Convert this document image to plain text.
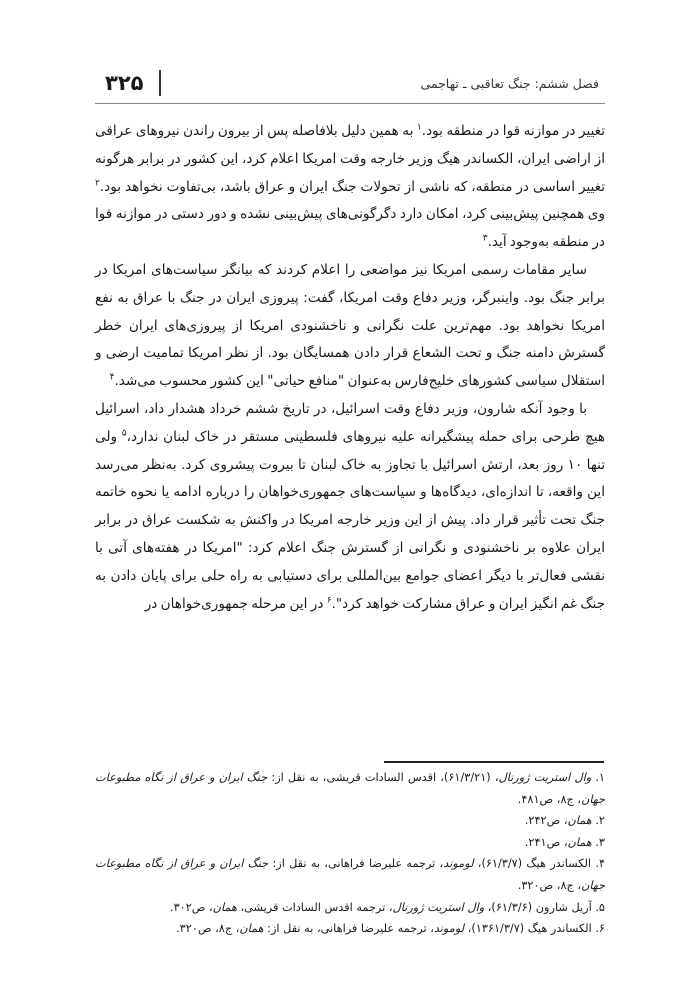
فصل ششم: جنگ تعاقبی ـ تهاجمی
۳۲۵

تغییر در موازنه قوا در منطقه بود.$^۱$ به همین دلیل بلافاصله پس از بیرون راندن نیروهای عراقی از اراضی ایران، الکساندر هیگ وزیر خارجه وقت امریکا اعلام کرد، این کشور در برابر هرگونه تغییر اساسی در منطقه، که ناشی از تحولات جنگ ایران و عراق باشد، بی‌تفاوت نخواهد بود.$^۲$ وی همچنین پیش‌بینی کرد، امکان دارد دگرگونی‌های پیش‌بینی نشده و دور دستی در موازنه قوا در منطقه به‌وجود آید.$^۳$

سایر مقامات رسمی امریکا نیز مواضعی را اعلام کردند که بیانگر سیاست‌های امریکا در برابر جنگ بود. واینبرگر، وزیر دفاع وقت امریکا، گفت: پیروزی ایران در جنگ با عراق به نفع امریکا نخواهد بود. مهم‌ترین علت نگرانی و ناخشنودی امریکا از پیروزی‌های ایران خطر گسترش دامنه جنگ و تحت الشعاع قرار دادن همسایگان بود. از نظر امریکا تمامیت ارضی و استقلال سیاسی کشورهای خلیج‌فارس به‌عنوان "منافع حیاتی" این کشور محسوب می‌شد.$^۴$

با وجود آنکه شارون، وزیر دفاع وقت اسرائیل، در تاریخ ششم خرداد هشدار داد، اسرائیل هیچ طرحی برای حمله پیشگیرانه علیه نیروهای فلسطینی مستقر در خاک لبنان ندارد،$^۵$ ولی تنها ۱۰ روز بعد، ارتش اسرائیل با تجاوز به خاک لبنان تا بیروت پیشروی کرد. به‌نظر می‌رسد این واقعه، تا اندازه‌ای، دیدگاه‌ها و سیاست‌های جمهوری‌خواهان را درباره ادامه یا نحوه خاتمه جنگ تحت تأثیر قرار داد. پیش از این وزیر خارجه امریکا در واکنش به شکست عراق در برابر ایران علاوه بر ناخشنودی و نگرانی از گسترش جنگ اعلام کرد: "امریکا در هفته‌های آتی با نقشی فعال‌تر با دیگر اعضای جوامع بین‌المللی برای دستیابی به راه حلی برای پایان دادن به جنگ غم انگیز ایران و عراق مشارکت خواهد کرد".$^۶$ در این مرحله جمهوری‌خواهان در

۱. وال استریت ژورنال، (۶۱/۳/۲۱)، اقدس السادات قریشی، به نقل از: جنگ ایران و عراق از نگاه مطبوعات جهان، ج۸، ص۴۸۱.

۲. همان، ص۲۴۲.

۳. همان، ص۲۴۱.

۴. الکساندر هیگ (۶۱/۳/۷)، لوموند، ترجمه علیرضا فراهانی، به نقل از: جنگ ایران و عراق از نگاه مطبوعات جهان، ج۸، ص۳۲۰.

۵. آریل شارون (۶۱/۳/۶)، وال استریت ژورنال، ترجمه اقدس السادات قریشی، همان، ص۳۰۲.

۶. الکساندر هیگ (۱۳۶۱/۳/۷)، لوموند، ترجمه علیرضا فراهانی، به نقل از: همان، ج۸، ص۳۲۰.
